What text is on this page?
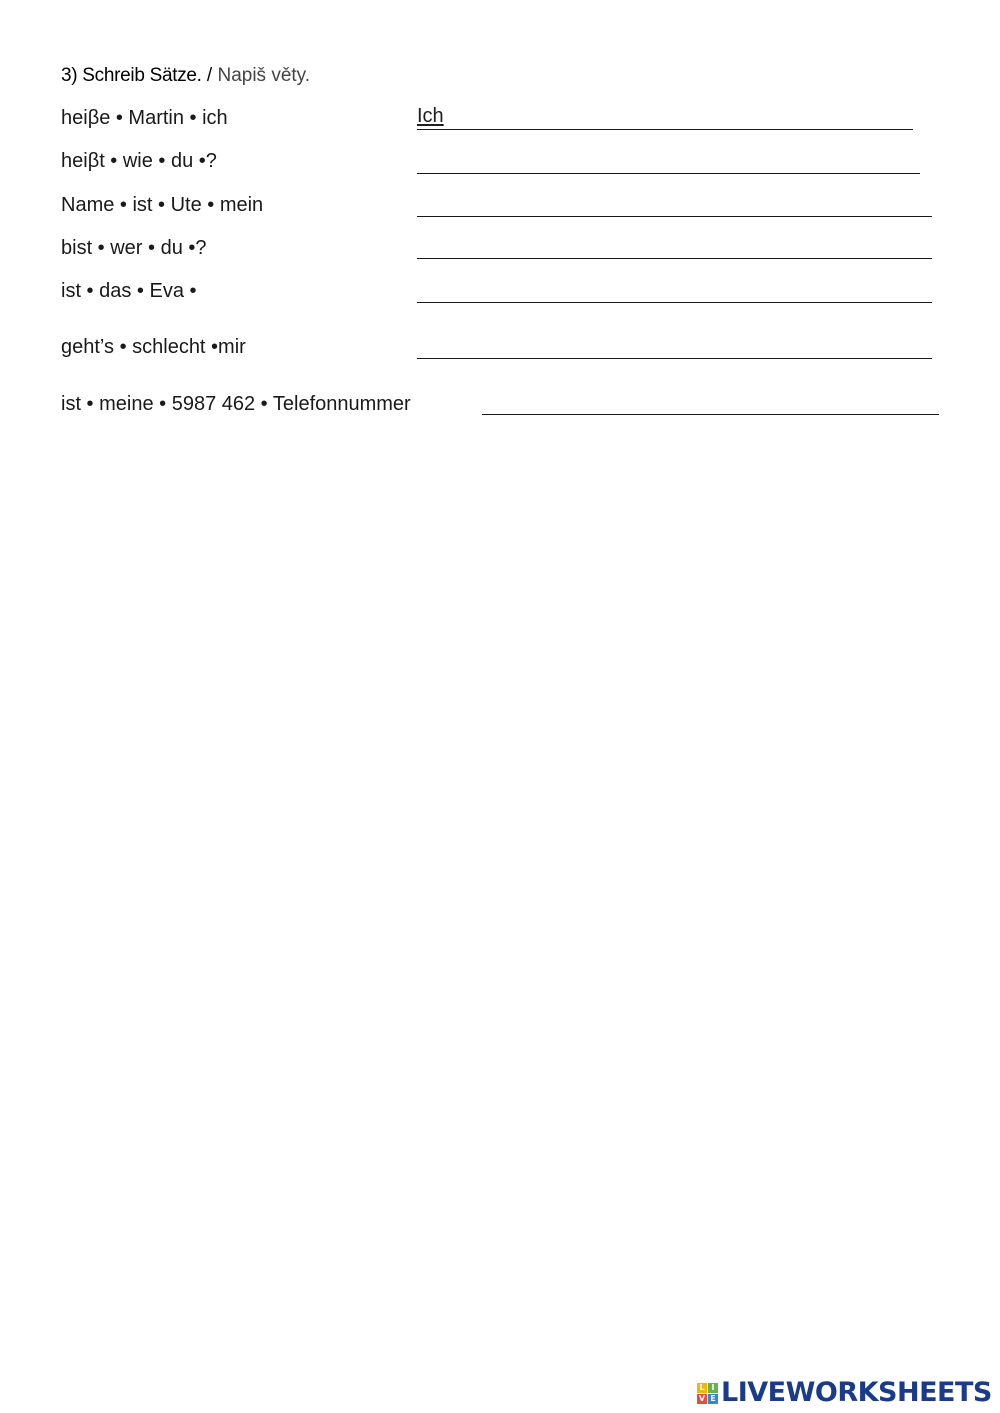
3) Schreib Sätze. / Napiš věty.
heiβe • Martin • ich	Ich
heiβt • wie • du •?
Name • ist • Ute • mein
bist • wer • du •?
ist • das • Eva •
geht’s • schlecht •mir
ist • meine • 5987 462 • Telefonnummer
L I
V E LIVEWORKSHEETS
